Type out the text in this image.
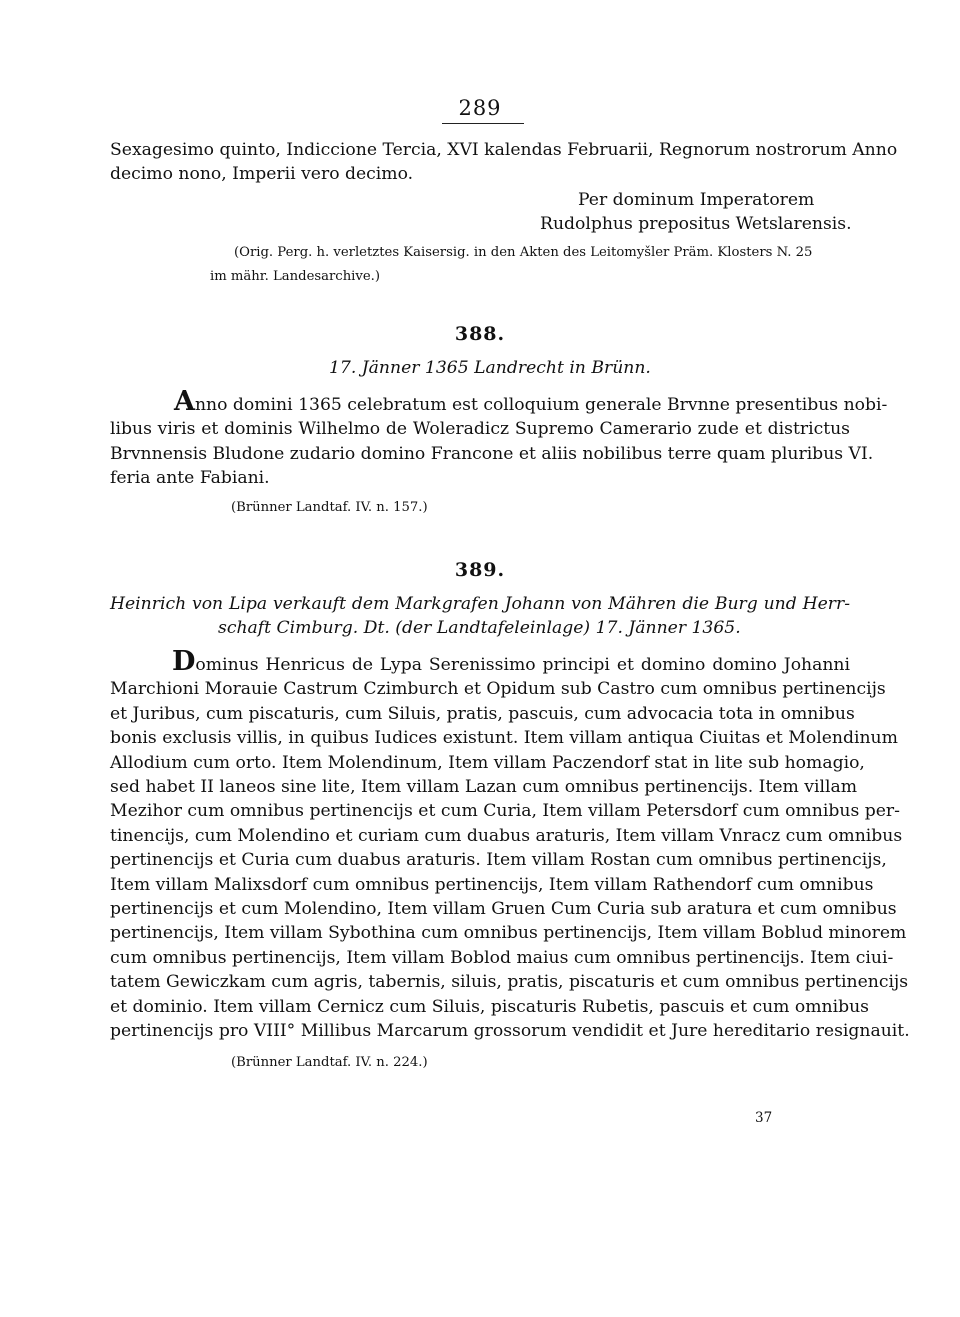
289
Sexagesimo quinto, Indiccione Tercia, XVI kalendas Februarii, Regnorum nostrorum Anno
decimo nono, Imperii vero decimo.
Per dominum Imperatorem
Rudolphus prepositus Wetslarensis.
(Orig. Perg. h. verletztes Kaisersig. in den Akten des Leitomyšler Präm. Klosters N. 25
im mähr. Landesarchive.)
388.
17. Jänner 1365 Landrecht in Brünn.
Anno domini 1365 celebratum est colloquium generale Brvnne presentibus nobi-
libus viris et dominis Wilhelmo de Woleradicz Supremo Camerario zude et districtus
Brvnnensis Bludone zudario domino Francone et aliis nobilibus terre quam pluribus VI.
feria ante Fabiani.
(Brünner Landtaf. IV. n. 157.)
389.
Heinrich von Lipa verkauft dem Markgrafen Johann von Mähren die Burg und Herr-
schaft Cimburg. Dt. (der Landtafeleinlage) 17. Jänner 1365.
Dominus Henricus de Lypa Serenissimo principi et domino domino Johanni
Marchioni Morauie Castrum Czimburch et Opidum sub Castro cum omnibus pertinencijs
et Juribus, cum piscaturis, cum Siluis, pratis, pascuis, cum advocacia tota in omnibus
bonis exclusis villis, in quibus Iudices existunt. Item villam antiqua Ciuitas et Molendinum
Allodium cum orto. Item Molendinum, Item villam Paczendorf stat in lite sub homagio,
sed habet II laneos sine lite, Item villam Lazan cum omnibus pertinencijs. Item villam
Mezihor cum omnibus pertinencijs et cum Curia, Item villam Petersdorf cum omnibus per-
tinencijs, cum Molendino et curiam cum duabus araturis, Item villam Vnracz cum omnibus
pertinencijs et Curia cum duabus araturis. Item villam Rostan cum omnibus pertinencijs,
Item villam Malixsdorf cum omnibus pertinencijs, Item villam Rathendorf cum omnibus
pertinencijs et cum Molendino, Item villam Gruen Cum Curia sub aratura et cum omnibus
pertinencijs, Item villam Sybothina cum omnibus pertinencijs, Item villam Boblud minorem
cum omnibus pertinencijs, Item villam Boblod maius cum omnibus pertinencijs. Item ciui-
tatem Gewiczkam cum agris, tabernis, siluis, pratis, piscaturis et cum omnibus pertinencijs
et dominio. Item villam Cernicz cum Siluis, piscaturis Rubetis, pascuis et cum omnibus
pertinencijs pro VIII° Millibus Marcarum grossorum vendidit et Jure hereditario resignauit.
(Brünner Landtaf. IV. n. 224.)
37
